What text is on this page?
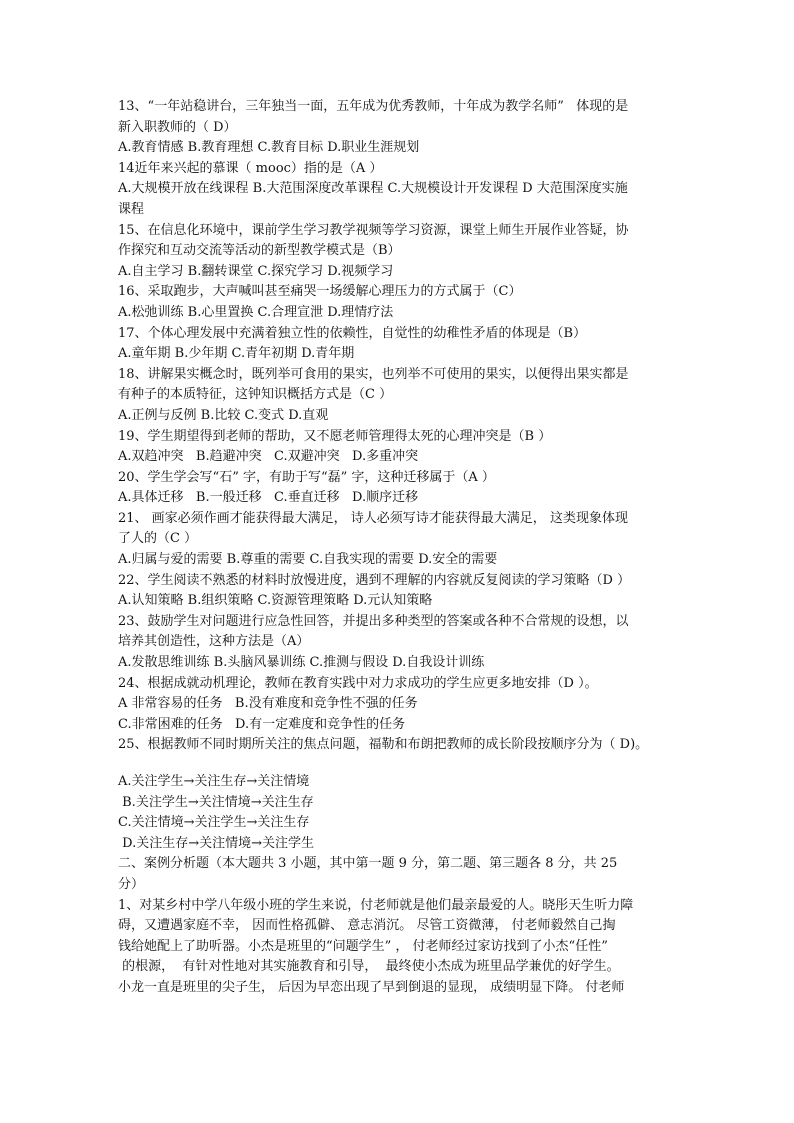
13、“一年站稳讲台，三年独当一面，五年成为优秀教师，十年成为教学名师”   体现的是
新入职教师的（ D）
A.教育情感 B.教育理想 C.教育目标 D.职业生涯规划
14近年来兴起的慕课（ mooc）指的是（A ）
A.大规模开放在线课程 B.大范围深度改革课程 C.大规模设计开发课程 D 大范围深度实施
课程
15、在信息化环境中，课前学生学习教学视频等学习资源，课堂上师生开展作业答疑，协
作探究和互动交流等活动的新型教学模式是（B）
A.自主学习 B.翻转课堂 C.探究学习 D.视频学习
16、采取跑步，大声喊叫甚至痛哭一场缓解心理压力的方式属于（C）
A.松弛训练 B.心里置换 C.合理宣泄 D.理情疗法
17、个体心理发展中充满着独立性的依赖性，自觉性的幼稚性矛盾的体现是（B）
A.童年期 B.少年期 C.青年初期 D.青年期
18、讲解果实概念时，既列举可食用的果实，也列举不可使用的果实，以便得出果实都是
有种子的本质特征，这钟知识概括方式是（C ）
A.正例与反例 B.比较 C.变式 D.直观
19、学生期望得到老师的帮助，又不愿老师管理得太死的心理冲突是（B ）
A.双趋冲突   B.趋避冲突   C.双避冲突   D.多重冲突
20、学生学会写“石” 字，有助于写“磊” 字，这种迁移属于（A ）
A.具体迁移   B.一般迁移   C.垂直迁移   D.顺序迁移
21、 画家必须作画才能获得最大满足， 诗人必须写诗才能获得最大满足， 这类现象体现
了人的（C ）
A.归属与爱的需要 B.尊重的需要 C.自我实现的需要 D.安全的需要
22、学生阅读不熟悉的材料时放慢进度，遇到不理解的内容就反复阅读的学习策略（D ）
A.认知策略 B.组织策略 C.资源管理策略 D.元认知策略
23、鼓励学生对问题进行应急性回答，并提出多种类型的答案或各种不合常规的设想，以
培养其创造性，这种方法是（A）
A.发散思维训练 B.头脑风暴训练 C.推测与假设 D.自我设计训练
24、根据成就动机理论，教师在教育实践中对力求成功的学生应更多地安排（D ）。
A 非常容易的任务   B.没有难度和竞争性不强的任务
C.非常困难的任务   D.有一定难度和竞争性的任务
25、根据教师不同时期所关注的焦点问题，福勒和布朗把教师的成长阶段按顺序分为（ D)。
A.关注学生→关注生存→关注情境
B.关注学生→关注情境→关注生存
C.关注情境→关注学生→关注生存
D.关注生存→关注情境→关注学生
二、案例分析题（本大题共 3 小题，其中第一题 9 分，第二题、第三题各 8 分，共 25
分）
1、对某乡村中学八年级小班的学生来说，付老师就是他们最亲最爱的人。晓彤天生听力障
碍，又遭遇家庭不幸， 因而性格孤僻、 意志消沉。 尽管工资微薄， 付老师毅然自己掏
钱给她配上了助听器。小杰是班里的“问题学生” ， 付老师经过家访找到了小杰“任性”
的根源，  有针对性地对其实施教育和引导，  最终使小杰成为班里品学兼优的好学生。
小龙一直是班里的尖子生， 后因为早恋出现了早到倒退的显现， 成绩明显下降。 付老师
